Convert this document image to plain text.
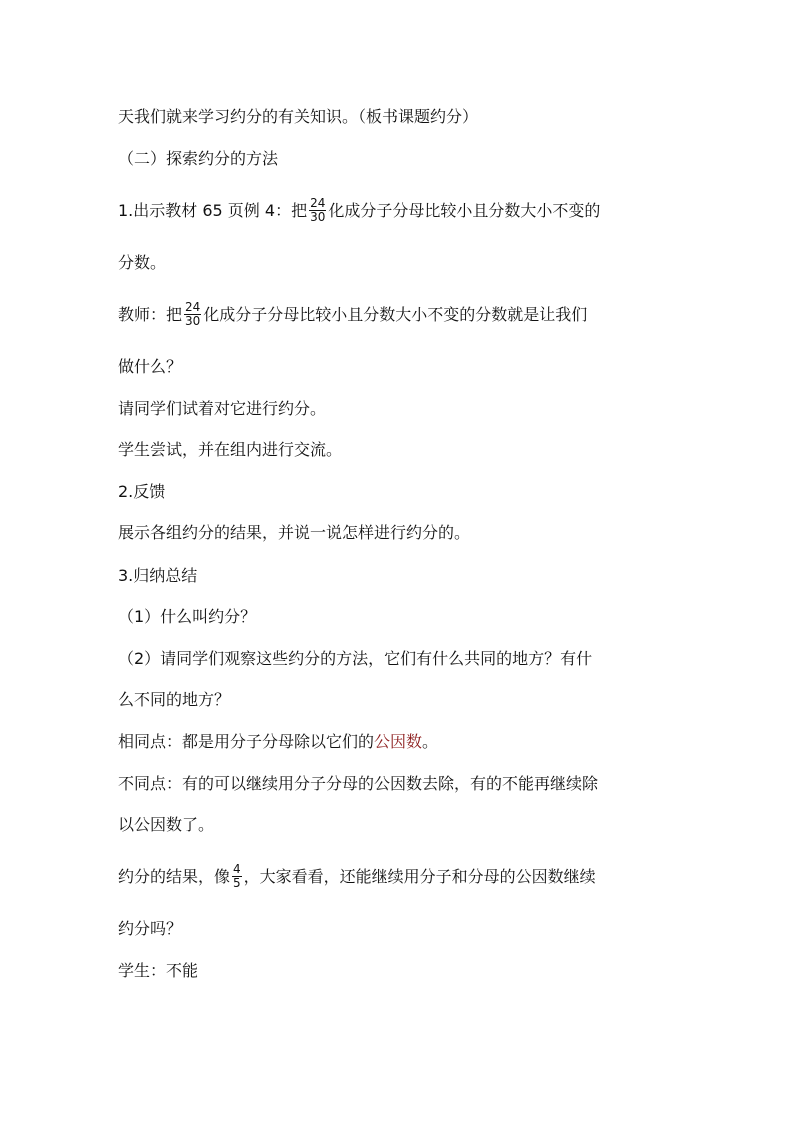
天我们就来学习约分的有关知识。（板书课题约分）
（二）探索约分的方法
1.出示教材 65 页例 4：把 $\frac{24}{30}$ 化成分子分母比较小且分数大小不变的
分数。
教师：把 $\frac{24}{30}$ 化成分子分母比较小且分数大小不变的分数就是让我们
做什么？
请同学们试着对它进行约分。
学生尝试，并在组内进行交流。
2.反馈
展示各组约分的结果，并说一说怎样进行约分的。
3.归纳总结
（1）什么叫约分？
（2）请同学们观察这些约分的方法，它们有什么共同的地方？有什
么不同的地方？
相同点：都是用分子分母除以它们的公因数。
不同点：有的可以继续用分子分母的公因数去除，有的不能再继续除
以公因数了。
约分的结果，像 $\frac{4}{5}$ ，大家看看，还能继续用分子和分母的公因数继续
约分吗？
学生：不能
